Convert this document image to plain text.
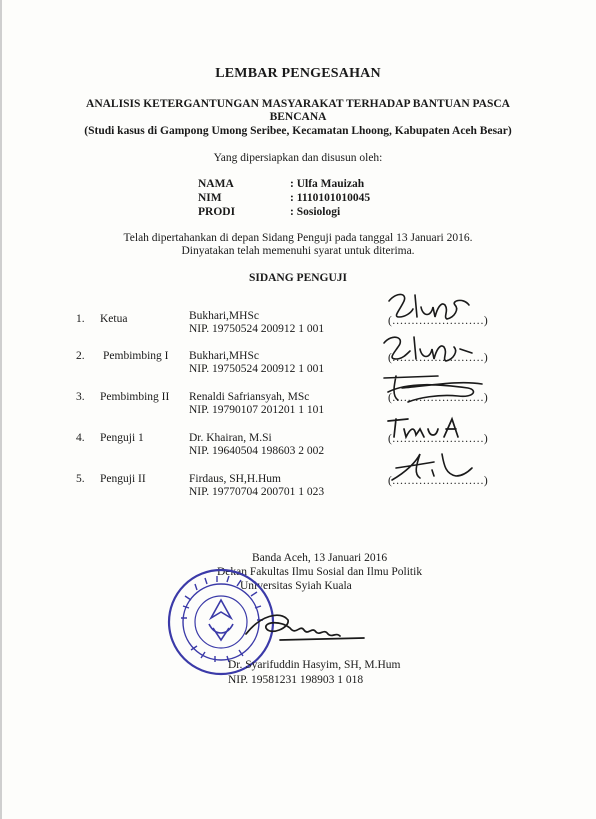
LEMBAR PENGESAHAN
ANALISIS KETERGANTUNGAN MASYARAKAT TERHADAP BANTUAN PASCA
BENCANA
(Studi kasus di Gampong Umong Seribee, Kecamatan Lhoong, Kabupaten Aceh Besar)
Yang dipersiapkan dan disusun oleh:
NAMA	: Ulfa Mauizah
NIM	: 1110101010045
PRODI	: Sosiologi
Telah dipertahankan di depan Sidang Penguji pada tanggal 13 Januari 2016.
Dinyatakan telah memenuhi syarat untuk diterima.
SIDANG PENGUJI
1. Ketua	Bukhari,MHSc
NIP. 19750524 200912 1 001
(……………………)
2. Pembimbing I Bukhari,MHSc
NIP. 19750524 200912 1 001
(……………………)
3. Pembimbing II Renaldi Safriansyah, MSc
NIP. 19790107 201201 1 101
(……………………)
4. Penguji 1	Dr. Khairan, M.Si
NIP. 19640504 198603 2 002
(……………………)
5. Penguji II	Firdaus, SH,H.Hum
NIP. 19770704 200701 1 023
(……………………)
Banda Aceh, 13 Januari 2016
Dekan Fakultas Ilmu Sosial dan Ilmu Politik
Universitas Syiah Kuala
Dr. Syarifuddin Hasyim, SH, M.Hum
NIP. 19581231 198903 1 018
